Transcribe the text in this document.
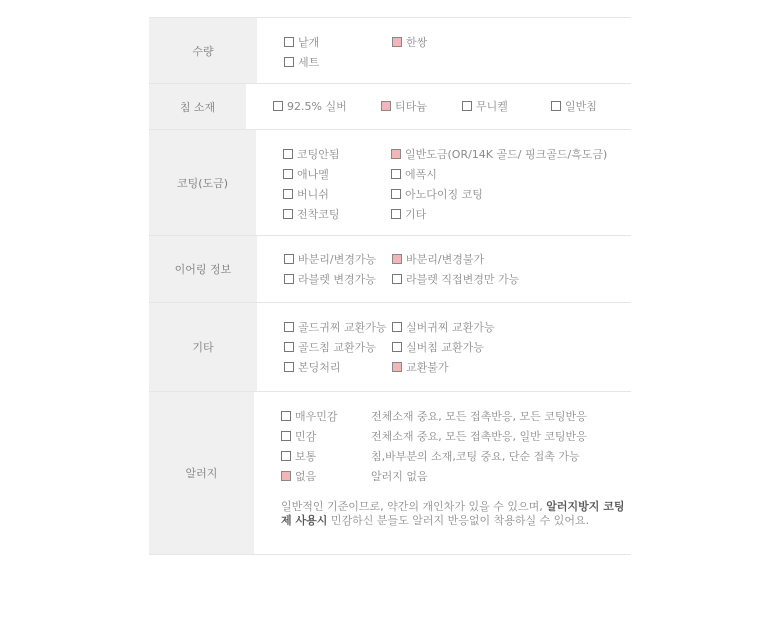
수량
낱개	한쌍
세트
침 소재	92.5% 실버	티타늄	무니켈	일반침
코팅(도금)
코팅안됨	일반도금(OR/14K 골드/ 핑크골드/흑도금)
애나멜	에폭시
버니쉬	아노다이징 코팅
전착코팅	기타
이어링 정보
바분리/변경가능	바분리/변경불가
라블렛 변경가능	라블렛 직접변경만 가능
기타
골드귀찌 교환가능 실버귀찌 교환가능
골드침 교환가능	실버침 교환가능
본딩처리	교환불가
알러지
매우민감	전체소재 중요, 모든 접촉반응, 모든 코팅반응
민감	전체소재 중요, 모든 접촉반응, 일반 코팅반응
보통	침,바부분의 소재,코팅 중요, 단순 접촉 가능
없음	알러지 없음
일반적인 기준이므로, 약간의 개인차가 있을 수 있으며, 알러지방지 코팅제 사용시 민감하신 분들도 알러지 반응없이 착용하실 수 있어요.
